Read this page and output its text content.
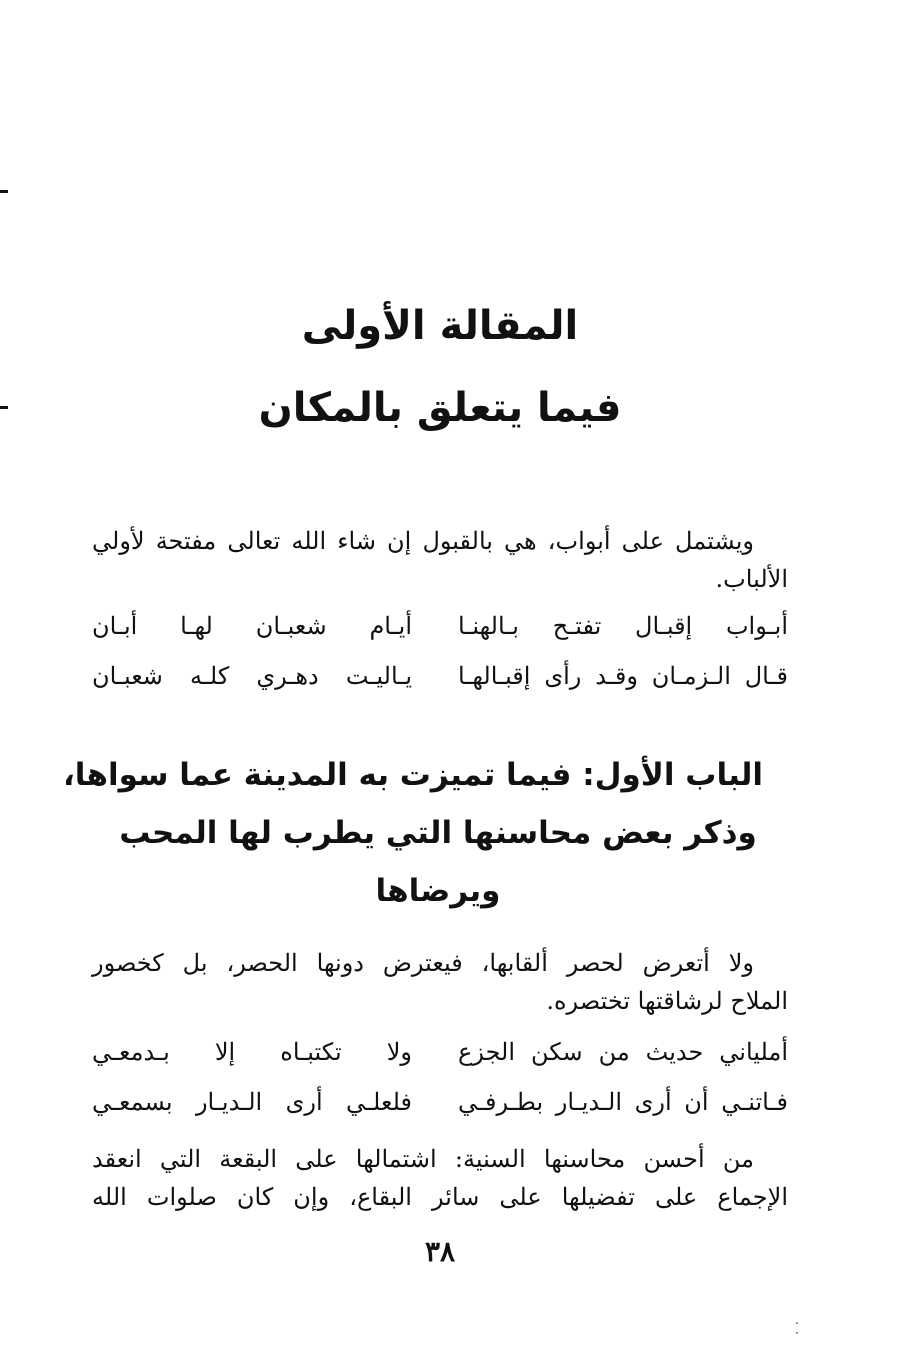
المقالة الأولى
فيما يتعلق بالمكان
ويشتمل على أبواب، هي بالقبول إن شاء الله تعالى مفتحة لأولي
الألباب.
أبـواب إقبـال تفتـح بـالهنـا
أيـام شعبـان لهـا أبـان
قـال الـزمـان وقـد رأى إقبـالهـا
يـاليـت دهـري كلـه شعبـان
الباب الأول: فيما تميزت به المدينة عما سواها،
وذكر بعض محاسنها التي يطرب لها المحب
ويرضاها
ولا أتعرض لحصر ألقابها، فيعترض دونها الحصر، بل كخصور
الملاح لرشاقتها تختصره.
أملياني حديث من سكن الجزع
ولا تكتبـاه إلا بـدمعـي
فـاتنـي أن أرى الـديـار بطـرفـي
فلعلـي أرى الـديـار بسمعـي
من أحسن محاسنها السنية: اشتمالها على البقعة التي انعقد
الإجماع على تفضيلها على سائر البقاع، وإن كان صلوات الله
٣٨
